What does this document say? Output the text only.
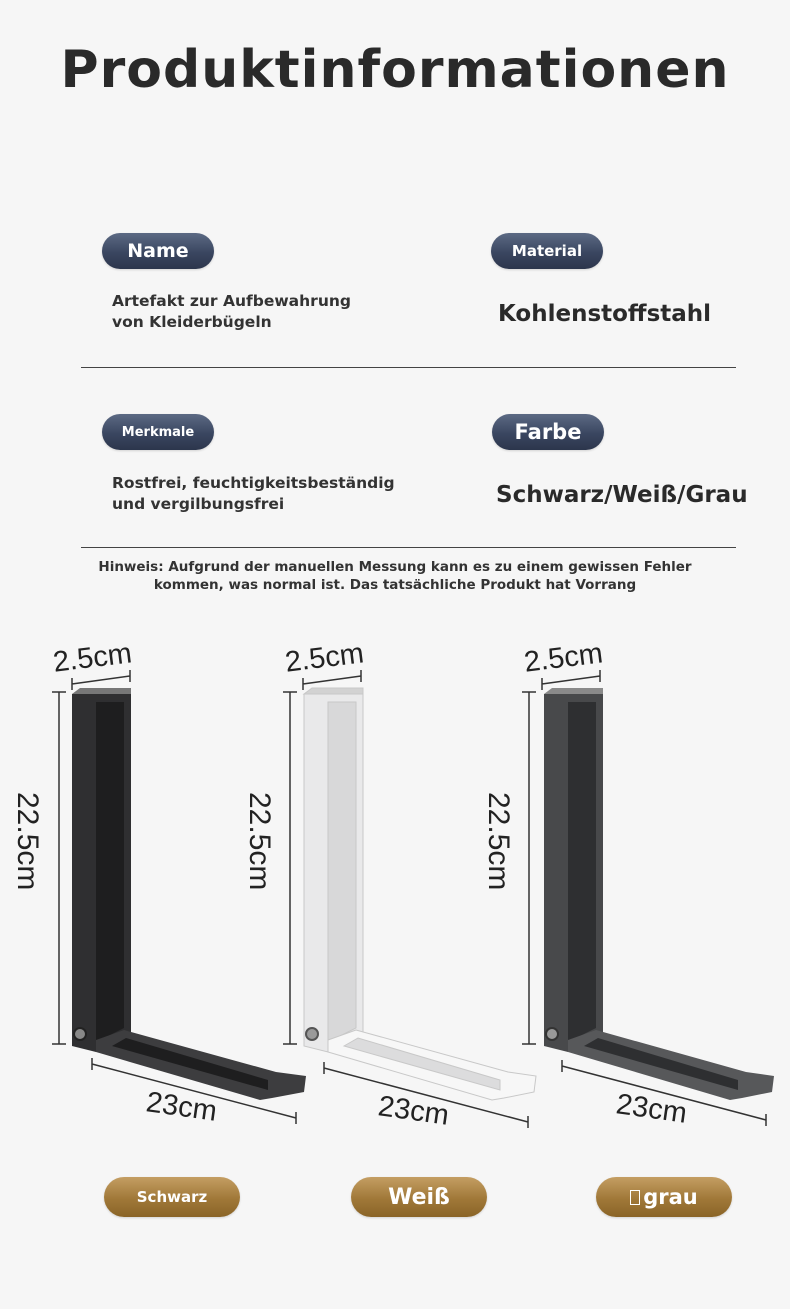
Produktinformationen
Name
Artefakt zur Aufbewahrung
von Kleiderbügeln
Material
Kohlenstoffstahl
Merkmale
Rostfrei, feuchtigkeitsbeständig
und vergilbungsfrei
Farbe
Schwarz/Weiß/Grau
Hinweis: Aufgrund der manuellen Messung kann es zu einem gewissen Fehler
kommen, was normal ist. Das tatsächliche Produkt hat Vorrang
2.5cm
22.5cm
23cm
2.5cm
22.5cm
23cm
2.5cm
22.5cm
23cm
Schwarz	Weiß	grau
